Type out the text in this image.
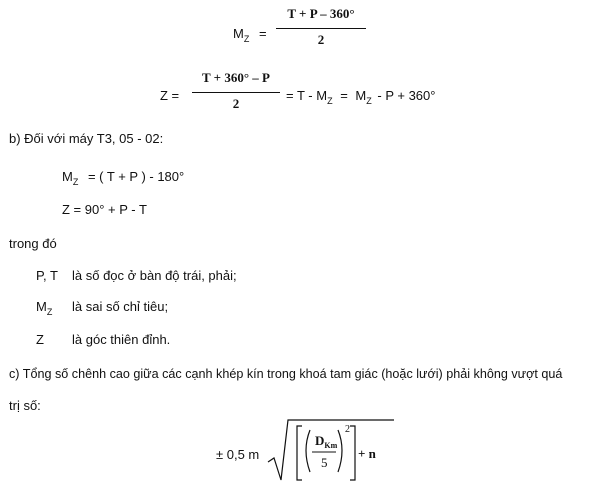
$M_Z$ =
T + P – 360°
2
Z =
T + 360° – P
2
= $T - M_Z = M_Z - P + 360^\circ$
b) Đối với máy T3, 05 - 02:
$M_Z$ = ( T + P ) - 180°
Z = 90° + P - T
trong đó
P, T là số đọc ở bàn độ trái, phải;
$M_Z$ là sai số chỉ tiêu;
Z là góc thiên đỉnh.
c) Tổng số chênh cao giữa các cạnh khép kín trong khoá tam giác (hoặc lưới) phải không vượt quá
trị số:
± 0,5 m
$D_{Km}$
5
2
+ n
